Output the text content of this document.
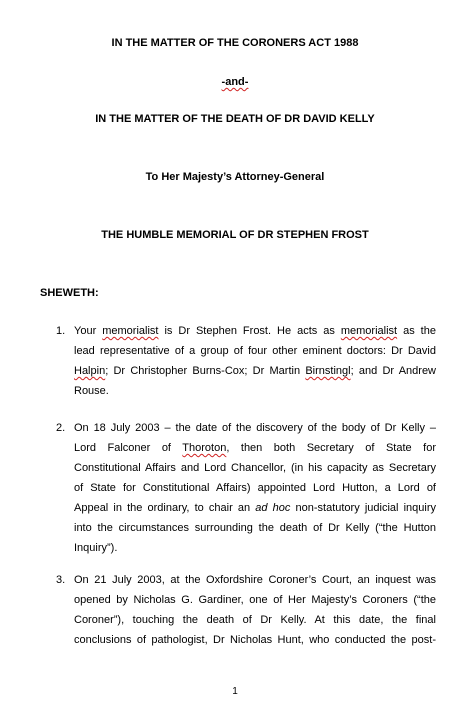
IN THE MATTER OF THE CORONERS ACT 1988

-and-

IN THE MATTER OF THE DEATH OF DR DAVID KELLY

To Her Majesty’s Attorney-General

THE HUMBLE MEMORIAL OF DR STEPHEN FROST

SHEWETH:

1. Your memorialist is Dr Stephen Frost. He acts as memorialist as the
lead representative of a group of four other eminent doctors: Dr David
Halpin; Dr Christopher Burns-Cox; Dr Martin Birnstingl; and Dr Andrew
Rouse.
2. On 18 July 2003 – the date of the discovery of the body of Dr Kelly –
Lord Falconer of Thoroton, then both Secretary of State for
Constitutional Affairs and Lord Chancellor, (in his capacity as Secretary
of State for Constitutional Affairs) appointed Lord Hutton, a Lord of
Appeal in the ordinary, to chair an ad hoc non-statutory judicial inquiry
into the circumstances surrounding the death of Dr Kelly (“the Hutton
Inquiry”).
3. On 21 July 2003, at the Oxfordshire Coroner’s Court, an inquest was
opened by Nicholas G. Gardiner, one of Her Majesty’s Coroners (“the
Coroner”), touching the death of Dr Kelly. At this date, the final
conclusions of pathologist, Dr Nicholas Hunt, who conducted the post-

1
